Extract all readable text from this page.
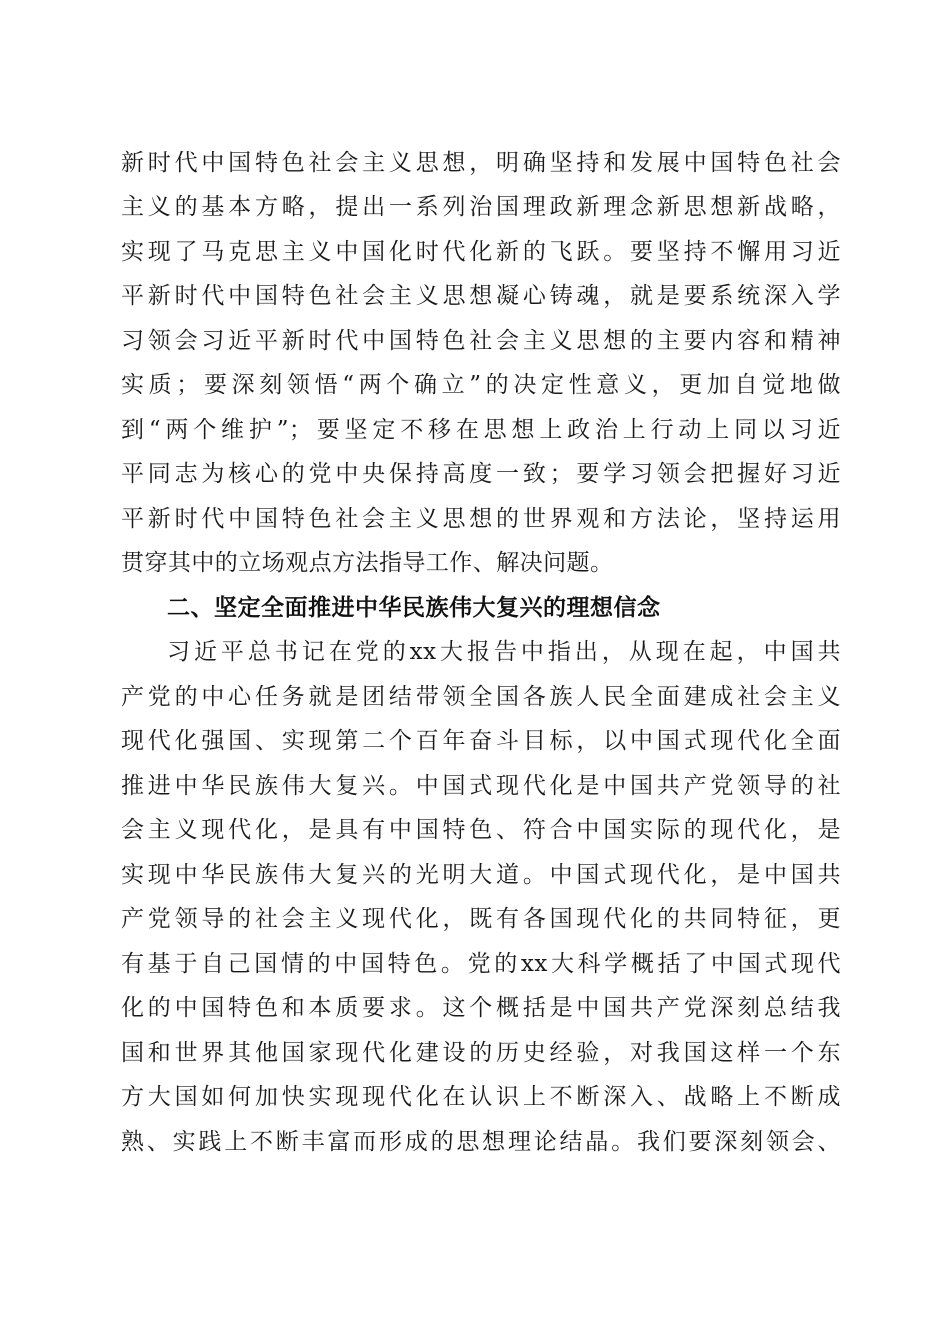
新时代中国特色社会主义思想，明确坚持和发展中国特色社会
主义的基本方略，提出一系列治国理政新理念新思想新战略，
实现了马克思主义中国化时代化新的飞跃。要坚持不懈用习近
平新时代中国特色社会主义思想凝心铸魂，就是要系统深入学
习领会习近平新时代中国特色社会主义思想的主要内容和精神
实质；要深刻领悟“两个确立”的决定性意义，更加自觉地做
到“两个维护”；要坚定不移在思想上政治上行动上同以习近
平同志为核心的党中央保持高度一致；要学习领会把握好习近
平新时代中国特色社会主义思想的世界观和方法论，坚持运用
贯穿其中的立场观点方法指导工作、解决问题。
二、坚定全面推进中华民族伟大复兴的理想信念
习近平总书记在党的xx大报告中指出，从现在起，中国共
产党的中心任务就是团结带领全国各族人民全面建成社会主义
现代化强国、实现第二个百年奋斗目标，以中国式现代化全面
推进中华民族伟大复兴。中国式现代化是中国共产党领导的社
会主义现代化，是具有中国特色、符合中国实际的现代化，是
实现中华民族伟大复兴的光明大道。中国式现代化，是中国共
产党领导的社会主义现代化，既有各国现代化的共同特征，更
有基于自己国情的中国特色。党的xx大科学概括了中国式现代
化的中国特色和本质要求。这个概括是中国共产党深刻总结我
国和世界其他国家现代化建设的历史经验，对我国这样一个东
方大国如何加快实现现代化在认识上不断深入、战略上不断成
熟、实践上不断丰富而形成的思想理论结晶。我们要深刻领会、
